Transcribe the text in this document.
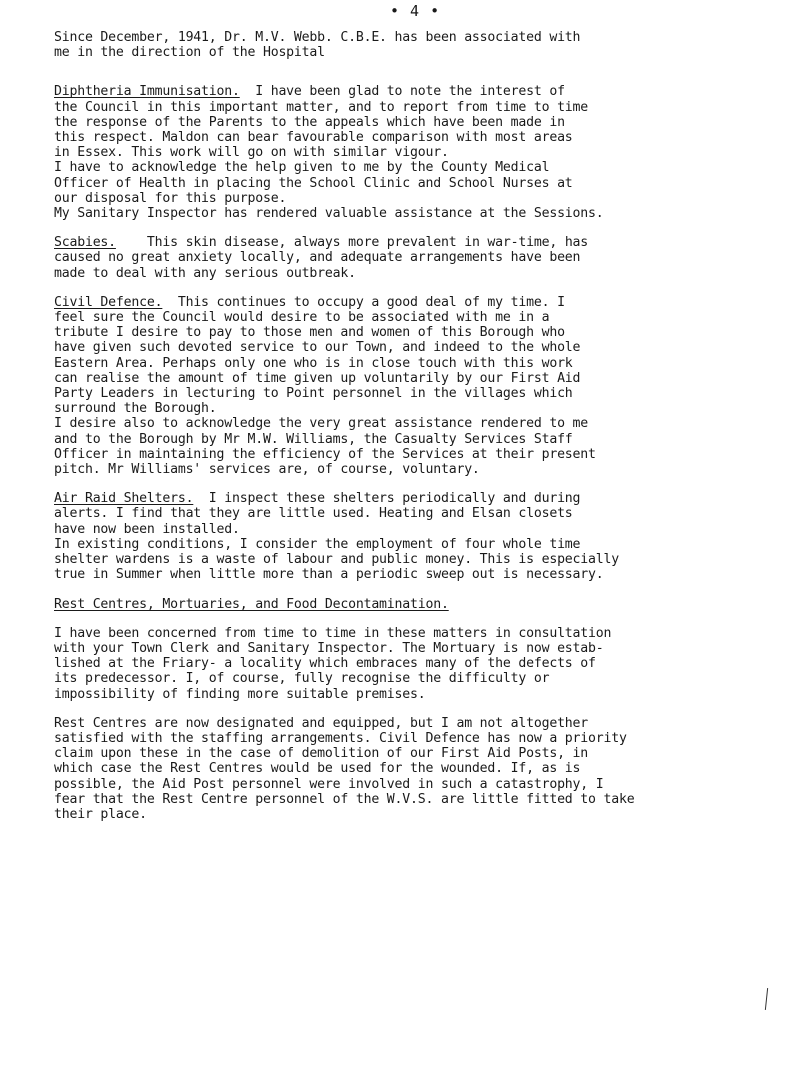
• 4 •
Since December, 1941, Dr. M.V. Webb. C.B.E. has been associated with
me in the direction of the Hospital
Diphtheria Immunisation.  I have been glad to note the interest of
the Council in this important matter, and to report from time to time
the response of the Parents to the appeals which have been made in
this respect. Maldon can bear favourable comparison with most areas
in Essex. This work will go on with similar vigour.
I have to acknowledge the help given to me by the County Medical
Officer of Health in placing the School Clinic and School Nurses at
our disposal for this purpose.
My Sanitary Inspector has rendered valuable assistance at the Sessions.
Scabies.    This skin disease, always more prevalent in war-time, has
caused no great anxiety locally, and adequate arrangements have been
made to deal with any serious outbreak.
Civil Defence.  This continues to occupy a good deal of my time. I
feel sure the Council would desire to be associated with me in a
tribute I desire to pay to those men and women of this Borough who
have given such devoted service to our Town, and indeed to the whole
Eastern Area. Perhaps only one who is in close touch with this work
can realise the amount of time given up voluntarily by our First Aid
Party Leaders in lecturing to Point personnel in the villages which
surround the Borough.
I desire also to acknowledge the very great assistance rendered to me
and to the Borough by Mr M.W. Williams, the Casualty Services Staff
Officer in maintaining the efficiency of the Services at their present
pitch. Mr Williams' services are, of course, voluntary.
Air Raid Shelters.  I inspect these shelters periodically and during
alerts. I find that they are little used. Heating and Elsan closets
have now been installed.
In existing conditions, I consider the employment of four whole time
shelter wardens is a waste of labour and public money. This is especially
true in Summer when little more than a periodic sweep out is necessary.
Rest Centres, Mortuaries, and Food Decontamination.
I have been concerned from time to time in these matters in consultation
with your Town Clerk and Sanitary Inspector. The Mortuary is now estab-
lished at the Friary- a locality which embraces many of the defects of
its predecessor. I, of course, fully recognise the difficulty or
impossibility of finding more suitable premises.
Rest Centres are now designated and equipped, but I am not altogether
satisfied with the staffing arrangements. Civil Defence has now a priority
claim upon these in the case of demolition of our First Aid Posts, in
which case the Rest Centres would be used for the wounded. If, as is
possible, the Aid Post personnel were involved in such a catastrophy, I
fear that the Rest Centre personnel of the W.V.S. are little fitted to take
their place.
